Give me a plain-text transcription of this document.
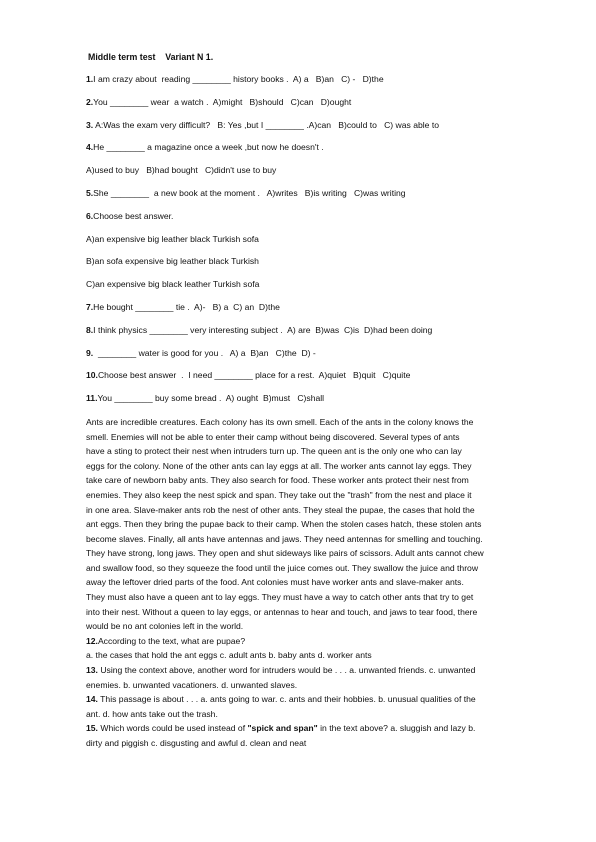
Middle term test    Variant N 1.
1.I am crazy about  reading ________ history books .  A) a   B)an   C) -   D)the
2.You ________ wear  a watch .  A)might   B)should   C)can   D)ought
3. A:Was the exam very difficult?   B: Yes ,but I ________ .A)can   B)could to   C) was able to
4.He ________ a magazine once a week ,but now he doesn't .
A)used to buy   B)had bought   C)didn't use to buy
5.She ________  a new book at the moment .   A)writes   B)is writing   C)was writing
6.Choose best answer.
A)an expensive big leather black Turkish sofa
B)an sofa expensive big leather black Turkish
C)an expensive big black leather Turkish sofa
7.He bought ________ tie .  A)-   B) a  C) an  D)the
8.I think physics ________ very interesting subject .  A) are  B)was  C)is  D)had been doing
9.  ________ water is good for you .   A) a  B)an   C)the  D) -
10.Choose best answer  .  I need ________ place for a rest.  A)quiet   B)quit   C)quite
11.You ________ buy some bread .  A) ought  B)must   C)shall
Ants are incredible creatures. Each colony has its own smell. Each of the ants in the colony knows the
smell. Enemies will not be able to enter their camp without being discovered. Several types of ants
have a sting to protect their nest when intruders turn up. The queen ant is the only one who can lay
eggs for the colony. None of the other ants can lay eggs at all. The worker ants cannot lay eggs. They
take care of newborn baby ants. They also search for food. These worker ants protect their nest from
enemies. They also keep the nest spick and span. They take out the "trash" from the nest and place it
in one area. Slave-maker ants rob the nest of other ants. They steal the pupae, the cases that hold the
ant eggs. Then they bring the pupae back to their camp. When the stolen cases hatch, these stolen ants
become slaves. Finally, all ants have antennas and jaws. They need antennas for smelling and touching.
They have strong, long jaws. They open and shut sideways like pairs of scissors. Adult ants cannot chew
and swallow food, so they squeeze the food until the juice comes out. They swallow the juice and throw
away the leftover dried parts of the food. Ant colonies must have worker ants and slave-maker ants.
They must also have a queen ant to lay eggs. They must have a way to catch other ants that try to get
into their nest. Without a queen to lay eggs, or antennas to hear and touch, and jaws to tear food, there
would be no ant colonies left in the world.
12.According to the text, what are pupae?
a. the cases that hold the ant eggs c. adult ants b. baby ants d. worker ants
13. Using the context above, another word for intruders would be . . . a. unwanted friends. c. unwanted
enemies. b. unwanted vacationers. d. unwanted slaves.
14. This passage is about . . . a. ants going to war. c. ants and their hobbies. b. unusual qualities of the
ant. d. how ants take out the trash.
15. Which words could be used instead of "spick and span" in the text above? a. sluggish and lazy b.
dirty and piggish c. disgusting and awful d. clean and neat
